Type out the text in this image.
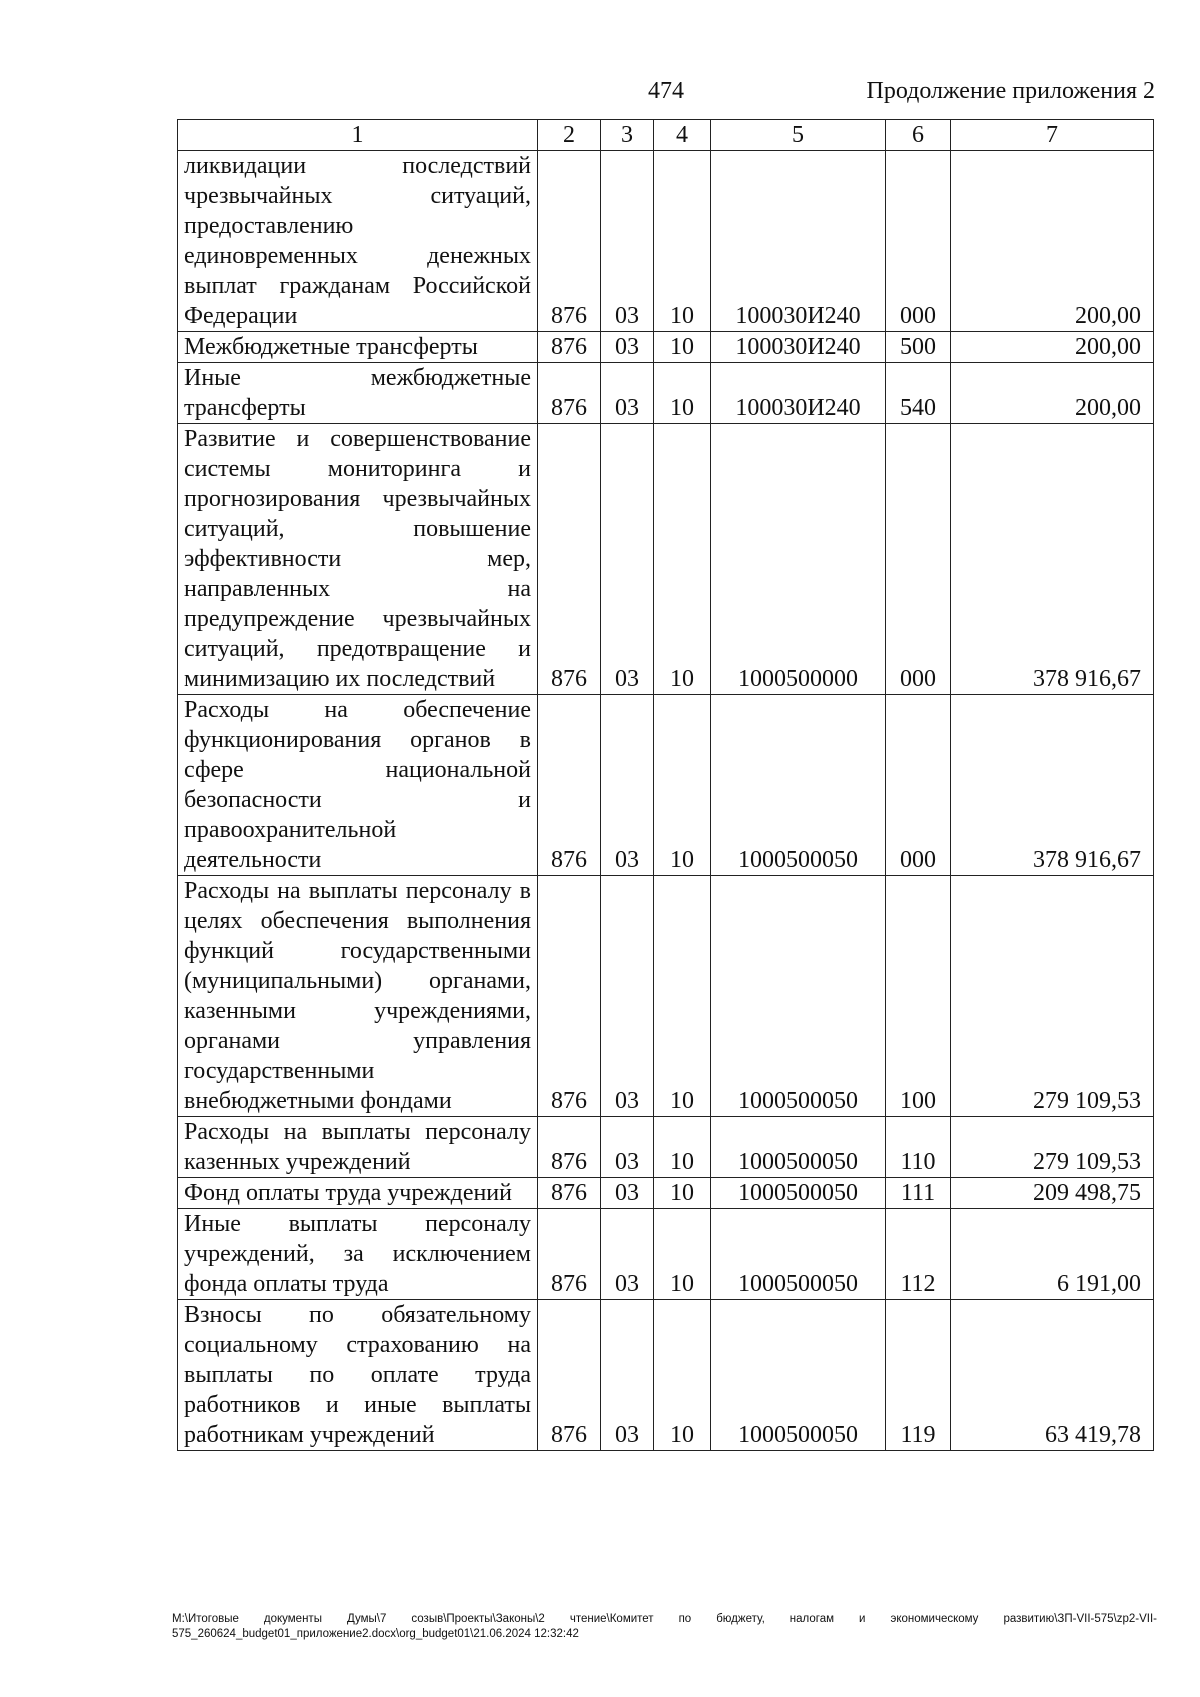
474	Продолжение приложения 2
1	2	3	4	5	6	7
ликвидации последствий чрезвычайных ситуаций, предоставлению единовременных денежных выплат гражданам Российской Федерации	876	03	10	100030И240	000	200,00
Межбюджетные трансферты	876	03	10	100030И240	500	200,00
Иные межбюджетные трансферты	876	03	10	100030И240	540	200,00
Развитие и совершенствование системы мониторинга и прогнозирования чрезвычайных ситуаций, повышение эффективности мер, направленных на предупреждение чрезвычайных ситуаций, предотвращение и минимизацию их последствий	876	03	10	1000500000	000	378 916,67
Расходы на обеспечение функционирования органов в сфере национальной безопасности и правоохранительной деятельности	876	03	10	1000500050	000	378 916,67
Расходы на выплаты персоналу в целях обеспечения выполнения функций государственными (муниципальными) органами, казенными учреждениями, органами управления государственными внебюджетными фондами	876	03	10	1000500050	100	279 109,53
Расходы на выплаты персоналу казенных учреждений	876	03	10	1000500050	110	279 109,53
Фонд оплаты труда учреждений	876	03	10	1000500050	111	209 498,75
Иные выплаты персоналу учреждений, за исключением фонда оплаты труда	876	03	10	1000500050	112	6 191,00
Взносы по обязательному социальному страхованию на выплаты по оплате труда работников и иные выплаты работникам учреждений	876	03	10	1000500050	119	63 419,78
М:\Итоговые документы Думы\7 созыв\Проекты\Законы\2 чтение\Комитет по бюджету, налогам и экономическому развитию\ЗП-VII-575\zp2-VII-575_260624_budget01_приложение2.docx\org_budget01\21.06.2024 12:32:42
